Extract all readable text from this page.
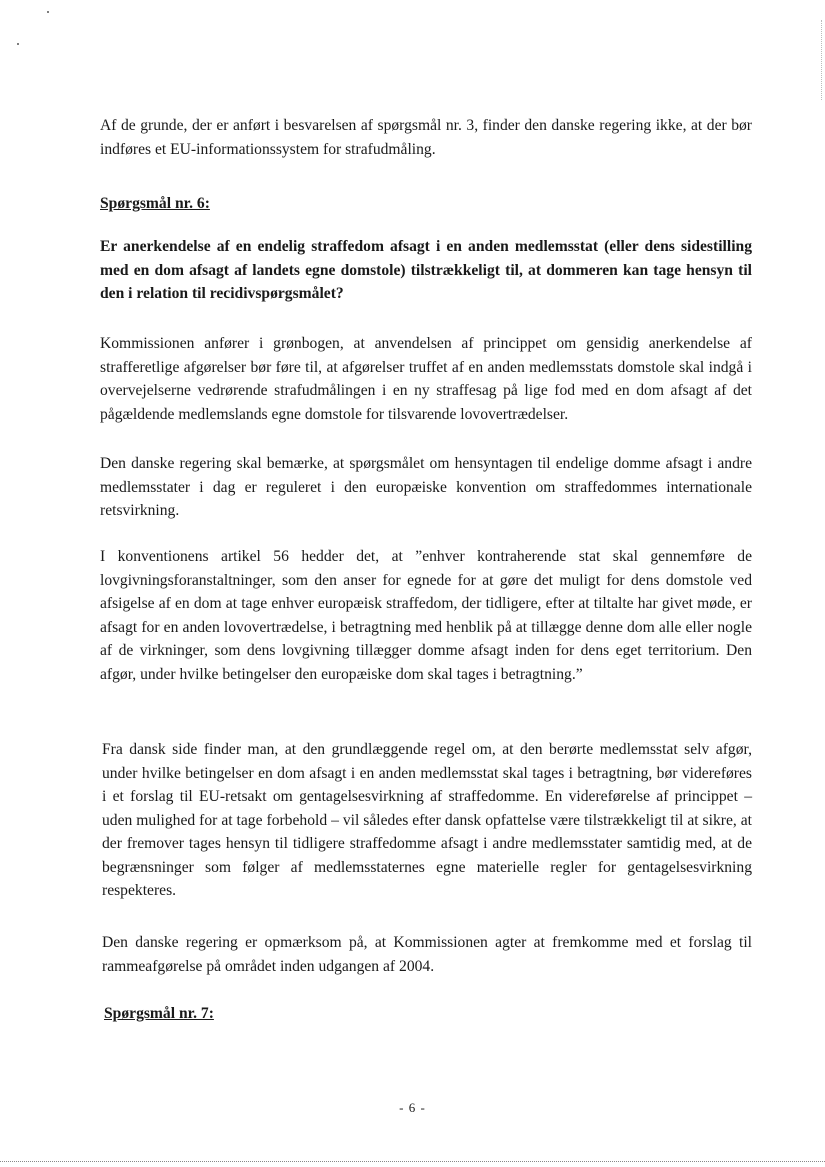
Af de grunde, der er anført i besvarelsen af spørgsmål nr. 3, finder den danske regering ikke, at der bør indføres et EU-informationssystem for strafudmåling.

Spørgsmål nr. 6:

Er anerkendelse af en endelig straffedom afsagt i en anden medlemsstat (eller dens sidestilling med en dom afsagt af landets egne domstole) tilstrækkeligt til, at dommeren kan tage hensyn til den i relation til recidivspørgsmålet?

Kommissionen anfører i grønbogen, at anvendelsen af princippet om gensidig anerkendelse af strafferetlige afgørelser bør føre til, at afgørelser truffet af en anden medlemsstats domstole skal indgå i overvejelserne vedrørende strafudmålingen i en ny straffesag på lige fod med en dom afsagt af det pågældende medlemslands egne domstole for tilsvarende lovovertrædelser.

Den danske regering skal bemærke, at spørgsmålet om hensyntagen til endelige domme afsagt i andre medlemsstater i dag er reguleret i den europæiske konvention om straffedommes internationale retsvirkning.

I konventionens artikel 56 hedder det, at ”enhver kontraherende stat skal gennemføre de lovgivningsforanstaltninger, som den anser for egnede for at gøre det muligt for dens domstole ved afsigelse af en dom at tage enhver europæisk straffedom, der tidligere, efter at tiltalte har givet møde, er afsagt for en anden lovovertrædelse, i betragtning med henblik på at tillægge denne dom alle eller nogle af de virkninger, som dens lovgivning tillægger domme afsagt inden for dens eget territorium. Den afgør, under hvilke betingelser den europæiske dom skal tages i betragtning.”

Fra dansk side finder man, at den grundlæggende regel om, at den berørte medlemsstat selv afgør, under hvilke betingelser en dom afsagt i en anden medlemsstat skal tages i betragtning, bør videreføres i et forslag til EU-retsakt om gentagelsesvirkning af straffedomme. En videreførelse af princippet – uden mulighed for at tage forbehold – vil således efter dansk opfattelse være tilstrækkeligt til at sikre, at der fremover tages hensyn til tidligere straffedomme afsagt i andre medlemsstater samtidig med, at de begrænsninger som følger af medlemsstaternes egne materielle regler for gentagelsesvirkning respekteres.

Den danske regering er opmærksom på, at Kommissionen agter at fremkomme med et forslag til rammeafgørelse på området inden udgangen af 2004.

Spørgsmål nr. 7:

- 6 -
